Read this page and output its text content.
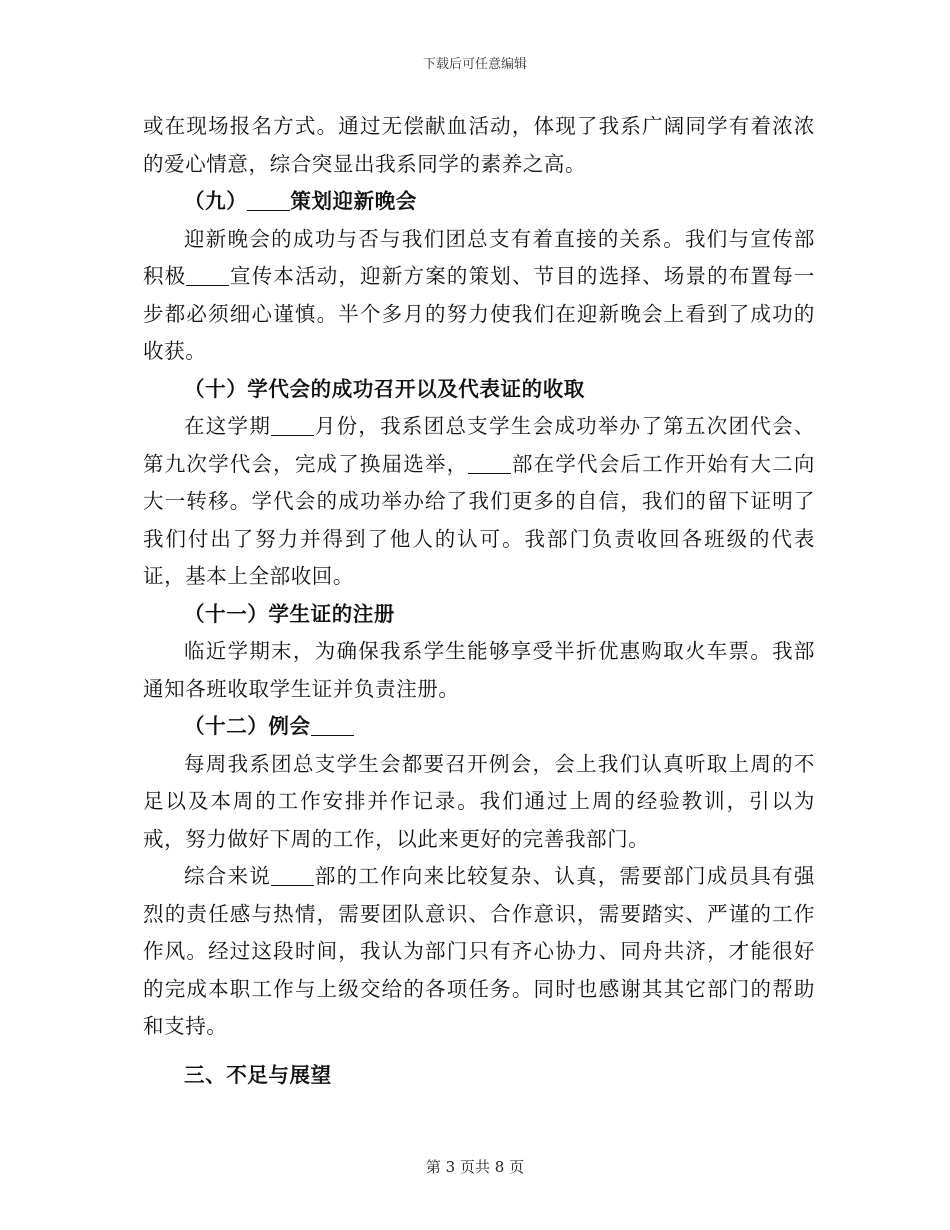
下载后可任意编辑

或在现场报名方式。通过无偿献血活动，体现了我系广阔同学有着浓浓的爱心情意，综合突显出我系同学的素养之高。

（九） 策划迎新晚会

迎新晚会的成功与否与我们团总支有着直接的关系。我们与宣传部积极 宣传本活动，迎新方案的策划、节目的选择、场景的布置每一步都必须细心谨慎。半个多月的努力使我们在迎新晚会上看到了成功的收获。

（十）学代会的成功召开以及代表证的收取

在这学期 月份，我系团总支学生会成功举办了第五次团代会、第九次学代会，完成了换届选举， 部在学代会后工作开始有大二向大一转移。学代会的成功举办给了我们更多的自信，我们的留下证明了我们付出了努力并得到了他人的认可。我部门负责收回各班级的代表证，基本上全部收回。

（十一）学生证的注册

临近学期末，为确保我系学生能够享受半折优惠购取火车票。我部通知各班收取学生证并负责注册。

（十二）例会

每周我系团总支学生会都要召开例会，会上我们认真听取上周的不足以及本周的工作安排并作记录。我们通过上周的经验教训，引以为戒，努力做好下周的工作，以此来更好的完善我部门。

综合来说 部的工作向来比较复杂、认真，需要部门成员具有强烈的责任感与热情，需要团队意识、合作意识，需要踏实、严谨的工作作风。经过这段时间，我认为部门只有齐心协力、同舟共济，才能很好的完成本职工作与上级交给的各项任务。同时也感谢其其它部门的帮助和支持。

三、不足与展望

第 3 页共 8 页
